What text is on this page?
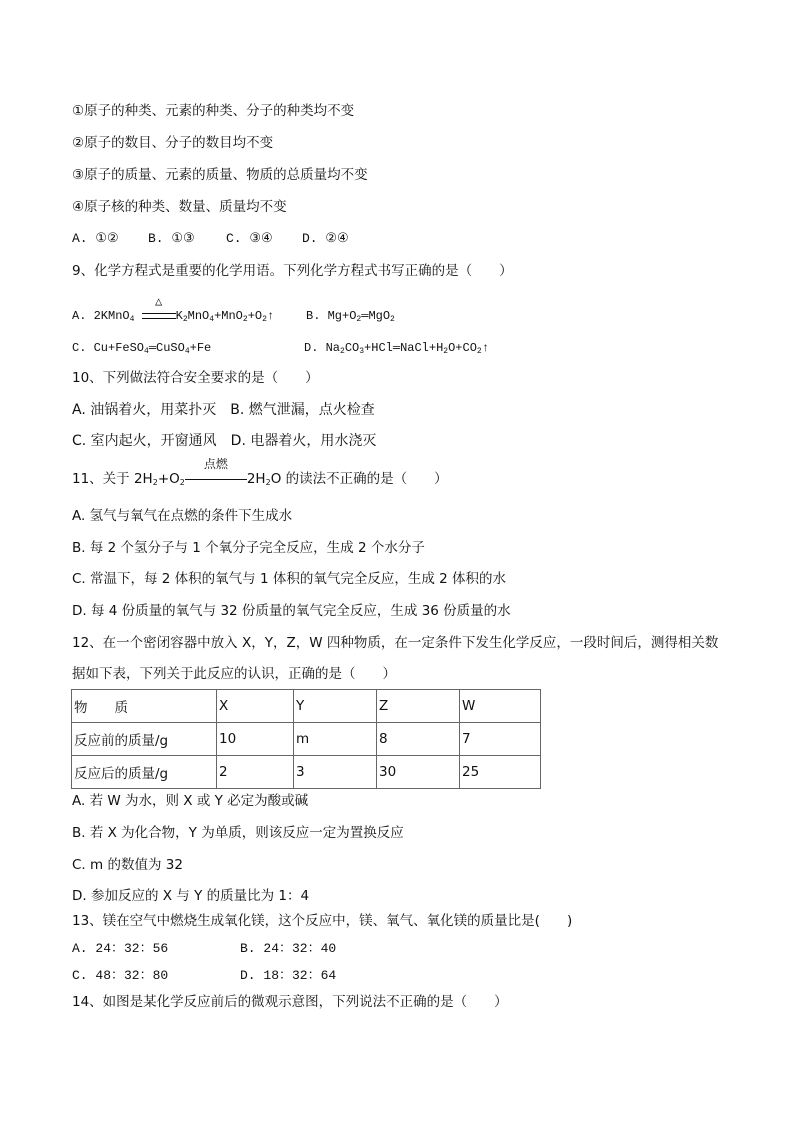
①原子的种类、元素的种类、分子的种类均不变
②原子的数目、分子的数目均不变
③原子的质量、元素的质量、物质的总质量均不变
④原子核的种类、数量、质量均不变
A. ①② B. ①③ C. ③④ D. ②④
9、化学方程式是重要的化学用语。下列化学方程式书写正确的是（　　）
A. 2KMnO$_4$
△
$K_2MnO_4+MnO_2+O_2↑$	B. $Mg+O_2═MgO_2$
C. Cu+FeSO$_4$═CuSO$_4$+Fe	D. $Na_2CO_3+HCl═NaCl+H_2O+CO_2↑$
10、下列做法符合安全要求的是（　　）
A. 油锅着火，用菜扑灭　B. 燃气泄漏，点火检查
C. 室内起火，开窗通风　D. 电器着火，用水浇灭
11、关于 $2H_2+O_2$
点燃
$2H_2O$ 的读法不正确的是（　　）
A. 氢气与氧气在点燃的条件下生成水
B. 每 2 个氢分子与 1 个氧分子完全反应，生成 2 个水分子
C. 常温下，每 2 体积的氧气与 1 体积的氧气完全反应，生成 2 体积的水
D. 每 4 份质量的氧气与 32 份质量的氧气完全反应，生成 36 份质量的水
12、在一个密闭容器中放入 X，Y，Z，W 四种物质，在一定条件下发生化学反应，一段时间后，测得相关数
据如下表，下列关于此反应的认识，正确的是（　　）
物　　质	X	Y	Z	W
反应前的质量/g	10	m	8	7
反应后的质量/g	2	3	30	25
A. 若 W 为水，则 X 或 Y 必定为酸或碱
B. 若 X 为化合物，Y 为单质，则该反应一定为置换反应
C. m 的数值为 32
D. 参加反应的 X 与 Y 的质量比为 1：4
13、镁在空气中燃烧生成氧化镁，这个反应中，镁、氧气、氧化镁的质量比是(　　)
A. 24：32：56	B. 24：32：40
C. 48：32：80	D. 18：32：64
14、如图是某化学反应前后的微观示意图，下列说法不正确的是（　　）
